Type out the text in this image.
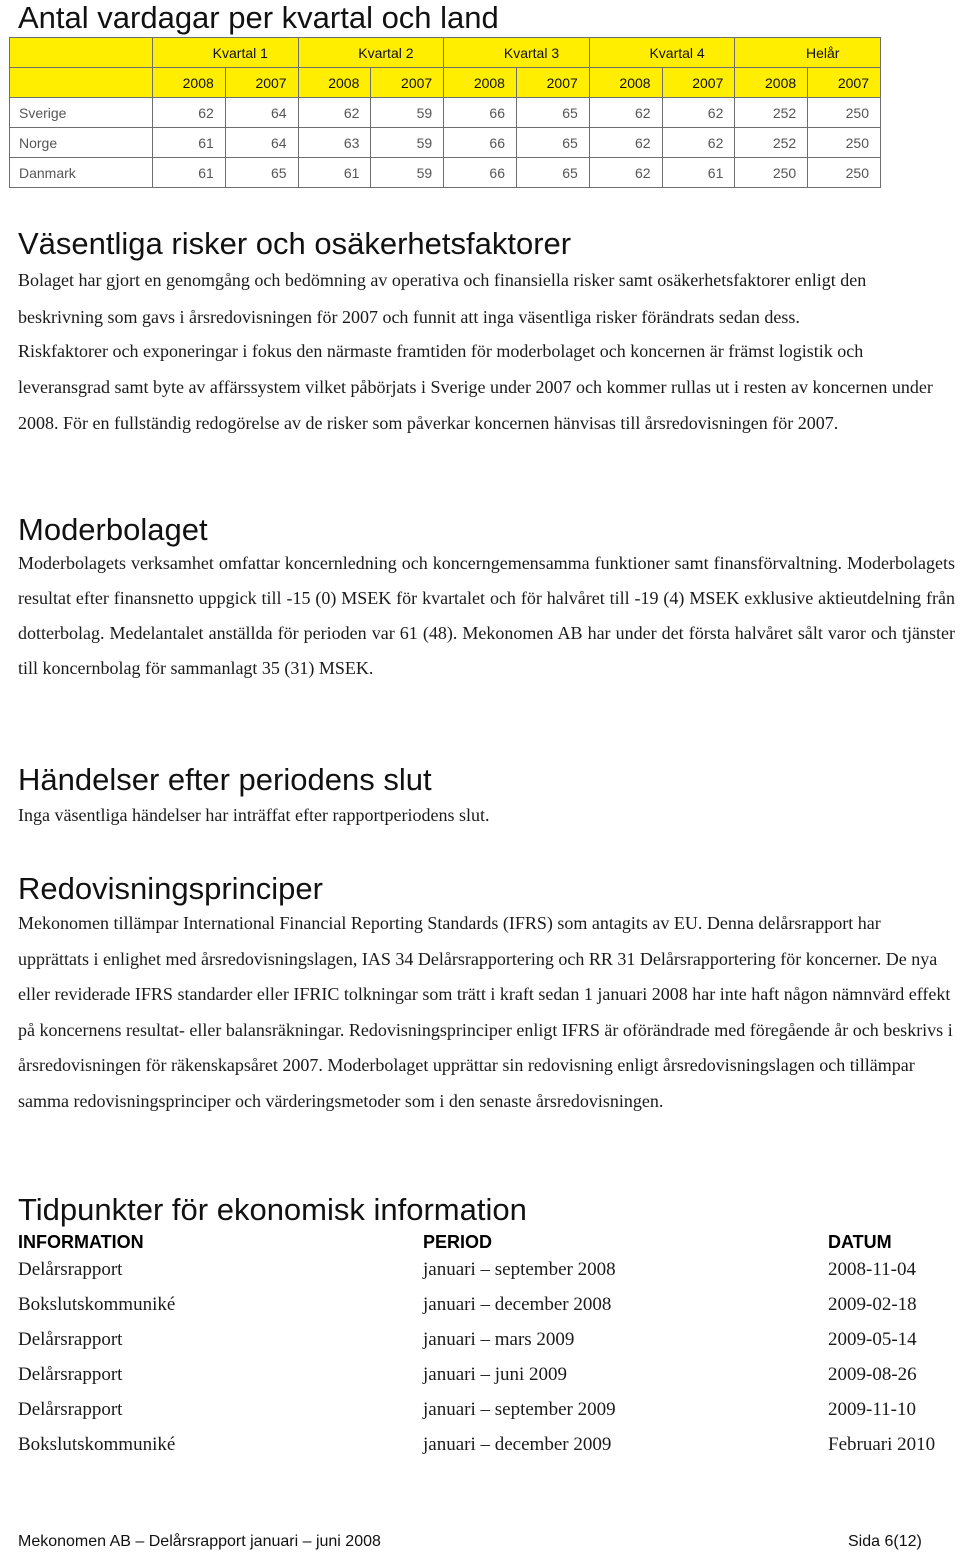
Antal vardagar per kvartal och land
	Kvartal 1		Kvartal 2		Kvartal 3		Kvartal 4		Helår	
	2008	2007	2008	2007	2008	2007	2008	2007	2008	2007
Sverige	62	64	62	59	66	65	62	62	252	250
Norge	61	64	63	59	66	65	62	62	252	250
Danmark	61	65	61	59	66	65	62	61	250	250
Väsentliga risker och osäkerhetsfaktorer

Bolaget har gjort en genomgång och bedömning av operativa och finansiella risker samt osäkerhetsfaktorer enligt den beskrivning som gavs i årsredovisningen för 2007 och funnit att inga väsentliga risker förändrats sedan dess.

Riskfaktorer och exponeringar i fokus den närmaste framtiden för moderbolaget och koncernen är främst logistik och leveransgrad samt byte av affärssystem vilket påbörjats i Sverige under 2007 och kommer rullas ut i resten av koncernen under 2008. För en fullständig redogörelse av de risker som påverkar koncernen hänvisas till årsredovisningen för 2007.

Moderbolaget

Moderbolagets verksamhet omfattar koncernledning och koncerngemensamma funktioner samt finansförvaltning. Moderbolagets resultat efter finansnetto uppgick till -15 (0) MSEK för kvartalet och för halvåret till -19 (4) MSEK exklusive aktieutdelning från dotterbolag. Medelantalet anställda för perioden var 61 (48). Mekonomen AB har under det första halvåret sålt varor och tjänster till koncernbolag för sammanlagt 35 (31) MSEK.

Händelser efter periodens slut

Inga väsentliga händelser har inträffat efter rapportperiodens slut.

Redovisningsprinciper

Mekonomen tillämpar International Financial Reporting Standards (IFRS) som antagits av EU. Denna delårsrapport har upprättats i enlighet med årsredovisningslagen, IAS 34 Delårsrapportering och RR 31 Delårsrapportering för koncerner. De nya eller reviderade IFRS standarder eller IFRIC tolkningar som trätt i kraft sedan 1 januari 2008 har inte haft någon nämnvärd effekt på koncernens resultat- eller balansräkningar. Redovisningsprinciper enligt IFRS är oförändrade med föregående år och beskrivs i årsredovisningen för räkenskapsåret 2007. Moderbolaget upprättar sin redovisning enligt årsredovisningslagen och tillämpar samma redovisningsprinciper och värderingsmetoder som i den senaste årsredovisningen.

Tidpunkter för ekonomisk information
INFORMATION	PERIOD	DATUM
Delårsrapport	januari – september 2008	2008-11-04
Bokslutskommuniké	januari – december 2008	2009-02-18
Delårsrapport	januari – mars 2009	2009-05-14
Delårsrapport	januari – juni 2009	2009-08-26
Delårsrapport	januari – september 2009	2009-11-10
Bokslutskommuniké	januari – december 2009	Februari 2010
Mekonomen AB – Delårsrapport januari – juni 2008	Sida 6(12)
